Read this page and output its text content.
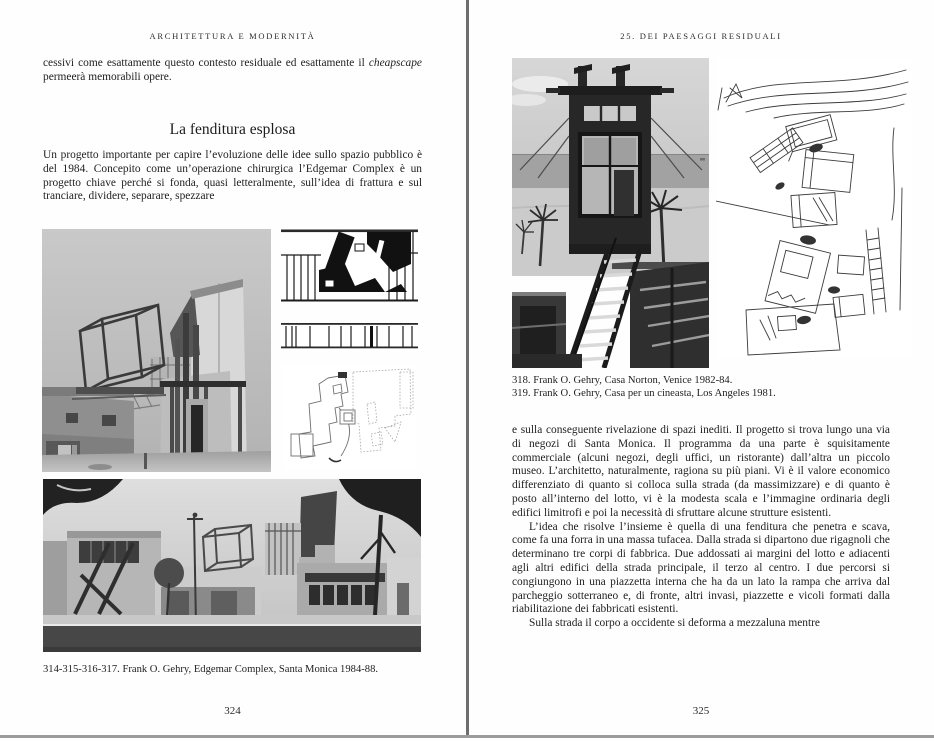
ARCHITETTURA E MODERNITÀ

cessivi come esattamente questo contesto residuale ed esattamente il cheapscape permeerà memorabili opere.

La fenditura esplosa

Un progetto importante per capire l’evoluzione delle idee sullo spazio pubblico è del 1984. Concepito come un’operazione chirurgica l’Edgemar Complex è un progetto chiave perché si fonda, quasi letteralmente, sull’idea di frattura e sul tranciare, dividere, separare, spezzare

314-315-316-317. Frank O. Gehry, Edgemar Complex, Santa Monica 1984-88.
324
25. DEI PAESAGGI RESIDUALI
318. Frank O. Gehry, Casa Norton, Venice 1982-84.
319. Frank O. Gehry, Casa per un cineasta, Los Angeles 1981.

e sulla conseguente rivelazione di spazi inediti. Il progetto si trova lungo una via di negozi di Santa Monica. Il programma da una parte è squisitamente commerciale (alcuni negozi, degli uffici, un ristorante) dall’altra un piccolo museo. L’architetto, naturalmente, ragiona su più piani. Vi è il valore economico differenziato di quanto si colloca sulla strada (da massimizzare) e di quanto è posto all’interno del lotto, vi è la modesta scala e l’immagine ordinaria degli edifici limitrofi e poi la necessità di sfruttare alcune strutture esistenti.

L’idea che risolve l’insieme è quella di una fenditura che penetra e scava, come fa una forra in una massa tufacea. Dalla strada si dipartono due rigagnoli che determinano tre corpi di fabbrica. Due addossati ai margini del lotto e adiacenti agli altri edifici della strada principale, il terzo al centro. I due percorsi si congiungono in una piazzetta interna che ha da un lato la rampa che arriva dal parcheggio sotterraneo e, di fronte, altri invasi, piazzette e vicoli formati dalla riabilitazione dei fabbricati esistenti.

Sulla strada il corpo a occidente si deforma a mezzaluna mentre

325
